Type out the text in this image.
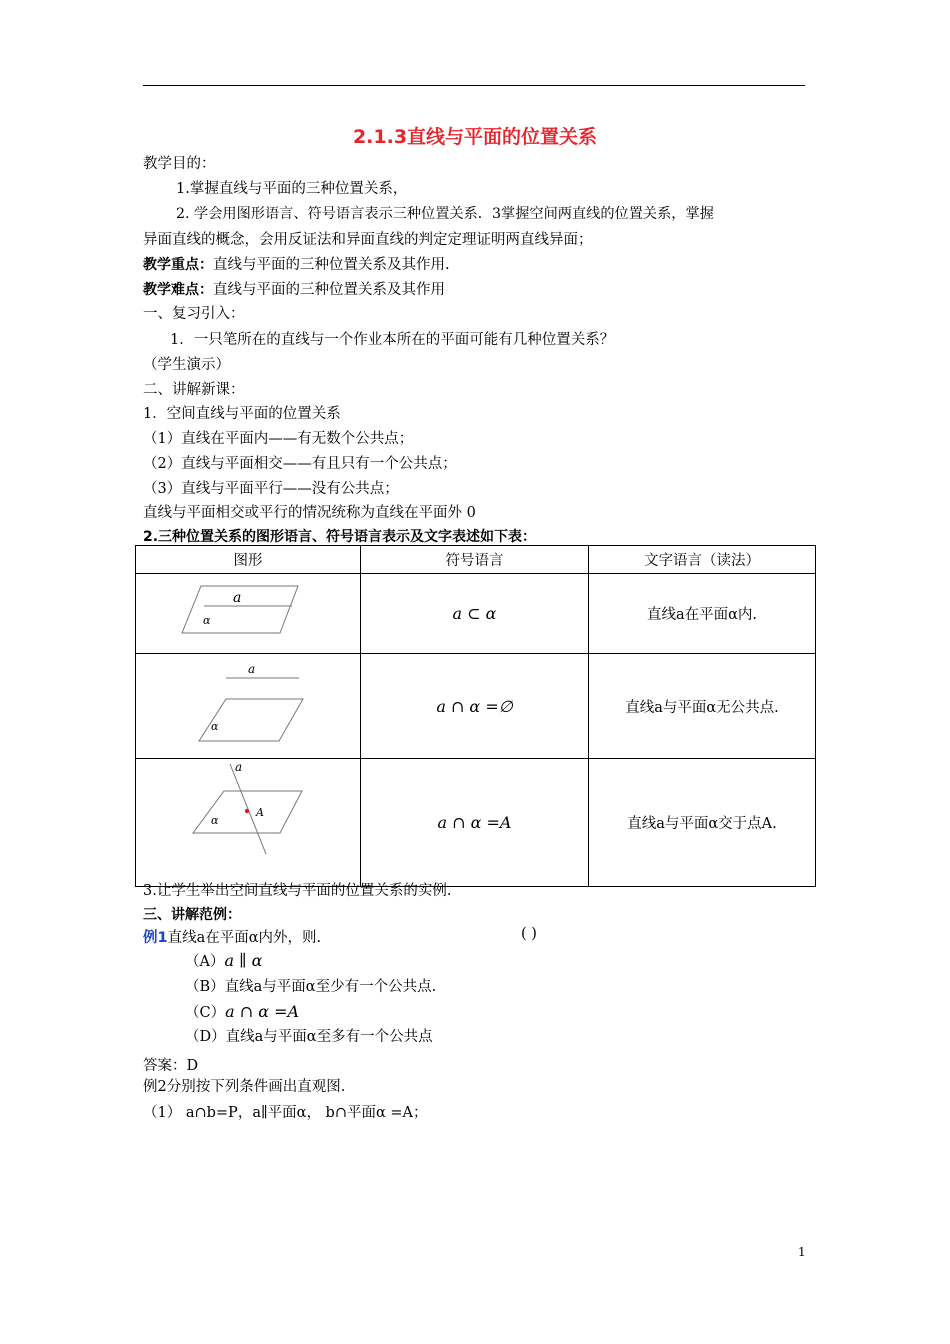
2.1.3直线与平面的位置关系
教学目的：
1.掌握直线与平面的三种位置关系，
2. 学会用图形语言、符号语言表示三种位置关系．3掌握空间两直线的位置关系，掌握
异面直线的概念，会用反证法和异面直线的判定定理证明两直线异面；
教学重点：直线与平面的三种位置关系及其作用.
教学难点：直线与平面的三种位置关系及其作用
一、复习引入：
1．一只笔所在的直线与一个作业本所在的平面可能有几种位置关系？
（学生演示）
二、讲解新课：
1．空间直线与平面的位置关系
（1）直线在平面内——有无数个公共点；
（2）直线与平面相交——有且只有一个公共点；
（3）直线与平面平行——没有公共点；
直线与平面相交或平行的情况统称为直线在平面外 0
2.三种位置关系的图形语言、符号语言表示及文字表述如下表：
图形	符号语言	文字语言（读法）

a
α	a ⊂ α	直线a在平面α内.

a
α	a ∩ α =∅	直线a与平面α无公共点.

a
A
α	a ∩ α =A	直线a与平面α交于点A.
3.让学生举出空间直线与平面的位置关系的实例.
三、讲解范例：
例1直线a在平面α内外，则.	( )
（A）a ∥ α
（B）直线a与平面α至少有一个公共点.
（C）a ∩ α =A
（D）直线a与平面α至多有一个公共点
答案：D
例2分别按下列条件画出直观图.
（1） a∩b=P，a∥平面α， b∩平面α =A；
1
